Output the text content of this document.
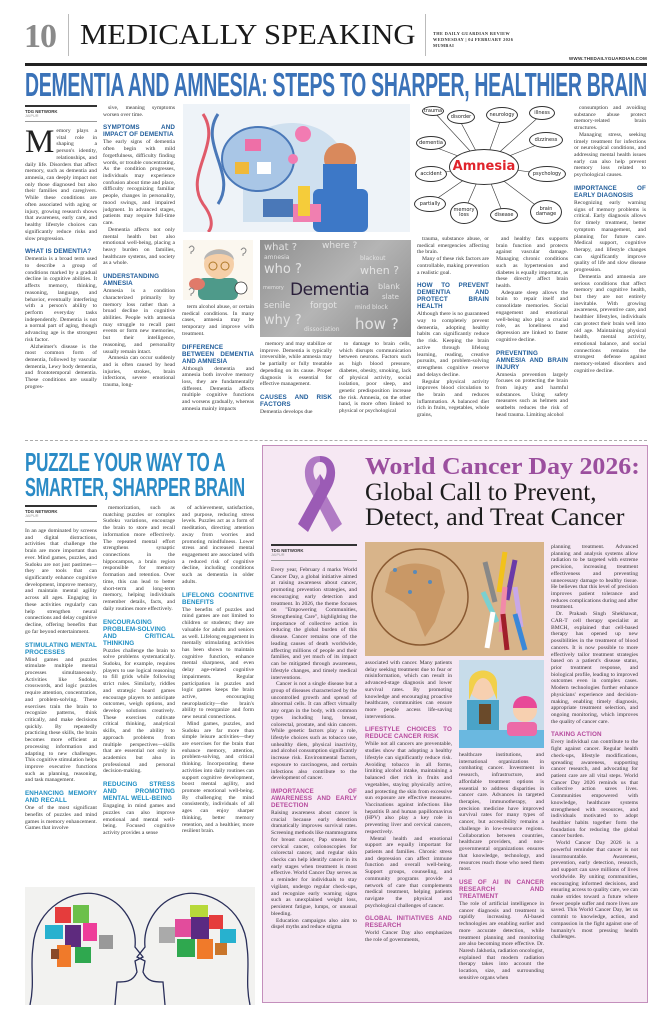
10 MEDICALLY SPEAKING	THE DAILY GUARDIAN REVIEW
WEDNESDAY | 04 FEBRUARY 2026
MUMBAI
WWW.THEDAILYGUARDIAN.COM
DEMENTIA AND AMNESIA: STEPS TO SHARPER, HEALTHIER BRAIN
TDG NETWORK
JAIPUR
M emory plays a vital role in shaping a person's identity, relationships, and daily life. Disorders that affect memory, such as dementia and amnesia, can deeply impact not only those diagnosed but also their families and caregivers. While these conditions are often associated with aging or injury, growing research shows that awareness, early care, and healthy lifestyle choices can significantly reduce risks and slow progression.

WHAT IS DEMENTIA?

Dementia is a broad term used to describe a group of conditions marked by a gradual decline in cognitive abilities. It affects memory, thinking, reasoning, language, and behavior, eventually interfering with a person's ability to perform everyday tasks independently. Dementia is not a normal part of aging, though advancing age is the strongest risk factor.

Alzheimer's disease is the most common form of dementia, followed by vascular dementia, Lewy body dementia, and frontotemporal dementia. These conditions are usually progres-

sive, meaning symptoms worsen over time.

SYMPTOMS AND IMPACT OF DEMENTIA

The early signs of dementia often begin with mild forgetfulness, difficulty finding words, or trouble concentrating. As the condition progresses, individuals may experience confusion about time and place, difficulty recognizing familiar people, changes in personality, mood swings, and impaired judgment. In advanced stages, patients may require full-time care.

Dementia affects not only mental health but also emotional well-being, placing a heavy burden on families, healthcare systems, and society as a whole.

UNDERSTANDING AMNESIA

Amnesia is a condition characterized primarily by memory loss rather than a broad decline in cognitive abilities. People with amnesia may struggle to recall past events or form new memories, but their intelligence, reasoning, and personality usually remain intact.

Amnesia can occur suddenly and is often caused by head injuries, strokes, brain infections, severe emotional trauma, long-

Amnesia
trauma
disorder	neurology	illness
dementia	dizziness
accident	psychology
partially
memory loss	disease
brain damage
what ?	where ?
blackout
amnesia
when ?
who ?
blank
memory
slate
senile forgot
why ?
mind block
dissociation how ?
Dementia

term alcohol abuse, or certain medical conditions. In many cases, amnesia may be temporary and improve with treatment.

DIFFERENCE BETWEEN DEMENTIA AND AMNESIA

Although dementia and amnesia both involve memory loss, they are fundamentally different. Dementia affects multiple cognitive functions and worsens gradually, whereas amnesia mainly impacts

memory and may stabilize or improve. Dementia is typically irreversible, while amnesia may be partially or fully treatable depending on its cause. Proper diagnosis is essential for effective management.

CAUSES AND RISK FACTORS

Dementia develops due

to damage to brain cells, which disrupts communication between neurons. Factors such as high blood pressure, diabetes, obesity, smoking, lack of physical activity, social isolation, poor sleep, and genetic predisposition increase the risk. Amnesia, on the other hand, is more often linked to physical or psychological

trauma, substance abuse, or medical emergencies affecting the brain.

Many of these risk factors are controllable, making prevention a realistic goal.

HOW TO PREVENT DEMENTIA AND PROTECT BRAIN HEALTH

Although there is no guaranteed way to completely prevent dementia, adopting healthy habits can significantly reduce the risk. Keeping the brain active through lifelong learning, reading, creative pursuits, and problem-solving strengthens cognitive reserve and delays decline.

Regular physical activity improves blood circulation to the brain and reduces inflammation. A balanced diet rich in fruits, vegetables, whole grains,

and healthy fats supports brain function and protects against vascular damage. Managing chronic conditions such as hypertension and diabetes is equally important, as these directly affect brain health.

Adequate sleep allows the brain to repair itself and consolidate memories. Social engagement and emotional well-being also play a crucial role, as loneliness and depression are linked to faster cognitive decline.

PREVENTING AMNESIA AND BRAIN INJURY

Amnesia prevention largely focuses on protecting the brain from injury and harmful substances. Using safety measures such as helmets and seatbelts reduces the risk of head trauma. Limiting alcohol

consumption and avoiding substance abuse protect memory-related brain structures.

Managing stress, seeking timely treatment for infections or neurological conditions, and addressing mental health issues early can also help prevent memory loss related to psychological causes.

IMPORTANCE OF EARLY DIAGNOSIS

Recognizing early warning signs of memory problems is critical. Early diagnosis allows for timely treatment, better symptom management, and planning for future care. Medical support, cognitive therapy, and lifestyle changes can significantly improve quality of life and slow disease progression.

Dementia and amnesia are serious conditions that affect memory and cognitive health, but they are not entirely inevitable. With growing awareness, preventive care, and healthier lifestyles, individuals can protect their brain well into old age. Maintaining physical health, mental activity, emotional balance, and social connections remains the strongest defense against memory-related disorders and cognitive decline.

PUZZLE YOUR WAY TO A
SMARTER, SHARPER BRAIN
TDG NETWORK
JAIPUR

In an age dominated by screens and digital distractions, activities that challenge the brain are more important than ever. Mind games, puzzles, and Sudoku are not just pastimes—they are tools that can significantly enhance cognitive development, improve memory, and maintain mental agility across all ages. Engaging in these activities regularly can help strengthen neural connections and delay cognitive decline, offering benefits that go far beyond entertainment.

STIMULATING MENTAL PROCESSES

Mind games and puzzles stimulate multiple mental processes simultaneously. Activities like Sudoku, crosswords, and logic puzzles require attention, concentration, and problem-solving. These exercises train the brain to recognize patterns, think critically, and make decisions quickly. By repeatedly practicing these skills, the brain becomes more efficient at processing information and adapting to new challenges. This cognitive stimulation helps improve executive functions such as planning, reasoning, and task management.

ENHANCING MEMORY AND RECALL

One of the most significant benefits of puzzles and mind games is memory enhancement. Games that involve

memorization, such as matching puzzles or complex Sudoku variations, encourage the brain to store and recall information more effectively. The repeated mental effort strengthens synaptic connections in the hippocampus, a brain region responsible for memory formation and retention. Over time, this can lead to better short-term and long-term memory, helping individuals remember details, facts, and daily routines more effectively.

ENCOURAGING PROBLEM-SOLVING AND CRITICAL THINKING

Puzzles challenge the brain to solve problems systematically. Sudoku, for example, requires players to use logical reasoning to fill grids while following strict rules. Similarly, riddles and strategic board games encourage players to anticipate outcomes, weigh options, and develop solutions creatively. These exercises cultivate critical thinking, analytical skills, and the ability to approach problems from multiple perspectives—skills that are essential not only in academics but also in professional and personal decision-making.

REDUCING STRESS AND PROMOTING MENTAL WELL-BEING

Engaging in mind games and puzzles can also improve emotional and mental well-being. Focused cognitive activity provides a sense

of achievement, satisfaction, and purpose, reducing stress levels. Puzzles act as a form of meditation, directing attention away from worries and promoting mindfulness. Lower stress and increased mental engagement are associated with a reduced risk of cognitive decline, including conditions such as dementia in older adults.

LIFELONG COGNITIVE BENEFITS

The benefits of puzzles and mind games are not limited to children or students; they are valuable for adults and seniors as well. Lifelong engagement in mentally stimulating activities has been shown to maintain cognitive function, enhance mental sharpness, and even delay age-related cognitive impairments. Regular participation in puzzles and logic games keeps the brain active, encouraging neuroplasticity—the brain's ability to reorganize and form new neural connections.

Mind games, puzzles, and Sudoku are far more than simple leisure activities—they are exercises for the brain that enhance memory, attention, problem-solving, and critical thinking. Incorporating these activities into daily routines can support cognitive development, boost mental agility, and promote emotional well-being. By challenging the mind consistently, individuals of all ages can enjoy sharper thinking, better memory retention, and a healthier, more resilient brain.

World Cancer Day 2026:
Global Call to Prevent,
Detect, and Treat Cancer
TDG NETWORK
JAIPUR

Every year, February 4 marks World Cancer Day, a global initiative aimed at raising awareness about cancer, promoting prevention strategies, and encouraging early detection and treatment. In 2026, the theme focuses on "Empowering Communities, Strengthening Care", highlighting the importance of collective action in reducing the global burden of this disease. Cancer remains one of the leading causes of death worldwide, affecting millions of people and their families, and yet much of its impact can be mitigated through awareness, lifestyle changes, and timely medical interventions.

Cancer is not a single disease but a group of diseases characterized by the uncontrolled growth and spread of abnormal cells. It can affect virtually any organ in the body, with common types including lung, breast, colorectal, prostate, and skin cancers. While genetic factors play a role, lifestyle choices such as tobacco use, unhealthy diets, physical inactivity, and alcohol consumption significantly increase risk. Environmental factors, exposure to carcinogens, and certain infections also contribute to the development of cancer.

IMPORTANCE OF AWARENESS AND EARLY DETECTION

Raising awareness about cancer is crucial because early detection dramatically improves survival rates. Screening methods like mammograms for breast cancer, Pap smears for cervical cancer, colonoscopies for colorectal cancer, and regular skin checks can help identify cancer in its early stages when treatment is most effective. World Cancer Day serves as a reminder for individuals to stay vigilant, undergo regular check-ups, and recognize early warning signs such as unexplained weight loss, persistent fatigue, lumps, or unusual bleeding.

Education campaigns also aim to dispel myths and reduce stigma

associated with cancer. Many patients delay seeking treatment due to fear or misinformation, which can result in advanced-stage diagnosis and lower survival rates. By promoting knowledge and encouraging proactive healthcare, communities can ensure more people access life-saving interventions.

LIFESTYLE CHOICES TO REDUCE CANCER RISK

While not all cancers are preventable, studies show that adopting a healthy lifestyle can significantly reduce risk. Avoiding tobacco in all forms, limiting alcohol intake, maintaining a balanced diet rich in fruits and vegetables, staying physically active, and protecting the skin from excessive sun exposure are effective measures. Vaccinations against infections like hepatitis B and human papillomavirus (HPV) also play a key role in preventing liver and cervical cancers, respectively.

Mental health and emotional support are equally important for patients and families. Chronic stress and depression can affect immune function and overall well-being. Support groups, counseling, and community programs provide a network of care that complements medical treatment, helping patients navigate the physical and psychological challenges of cancer.

GLOBAL INITIATIVES AND RESEARCH

World Cancer Day also emphasizes the role of governments,

healthcare institutions, and international organizations in combating cancer. Investment in research, infrastructure, and affordable treatment options is essential to address disparities in cancer care. Advances in targeted therapies, immunotherapy, and precision medicine have improved survival rates for many types of cancer, but accessibility remains a challenge in low-resource regions. Collaboration between countries, healthcare providers, and non-governmental organizations ensures that knowledge, technology, and resources reach those who need them most.

USE OF AI IN CANCER RESEARCH AND TREATMENT

The role of artificial intelligence in cancer diagnosis and treatment is rapidly increasing. AI-based technologies are enabling earlier and more accurate detection, while treatment planning and monitoring are also becoming more effective. Dr. Naresh Jakhotia, radiation oncologist, explained that modern radiation therapy takes into account the location, size, and surrounding sensitive organs when

planning treatment. Advanced planning and analysis systems allow radiation to be targeted with extreme precision, increasing treatment effectiveness and preventing unnecessary damage to healthy tissue. He believes that this level of precision improves patient tolerance and reduces complications during and after treatment.

Dr. Prakash Singh Shekhawat, CAR-T cell therapy specialist at BMCH, explained that cell-based therapy has opened up new possibilities in the treatment of blood cancers. It is now possible to more effectively tailor treatment strategies based on a patient's disease status, prior treatment response, and biological profile, leading to improved outcomes even in complex cases. Modern technologies further enhance physicians' experience and decision-making, enabling timely diagnosis, appropriate treatment selection, and ongoing monitoring, which improves the quality of cancer care.

TAKING ACTION

Every individual can contribute to the fight against cancer. Regular health check-ups, lifestyle modifications, spreading awareness, supporting cancer research, and advocating for patient care are all vital steps. World Cancer Day 2026 reminds us that collective action saves lives. Communities empowered with knowledge, healthcare systems strengthened with resources, and individuals motivated to adopt healthier habits together form the foundation for reducing the global cancer burden.

World Cancer Day 2026 is a powerful reminder that cancer is not insurmountable. Awareness, prevention, early detection, research, and support can save millions of lives worldwide. By uniting communities, encouraging informed decisions, and ensuring access to quality care, we can make strides toward a future where fewer people suffer and more lives are saved. This World Cancer Day, let us commit to knowledge, action, and compassion in the fight against one of humanity's most pressing health challenges.
